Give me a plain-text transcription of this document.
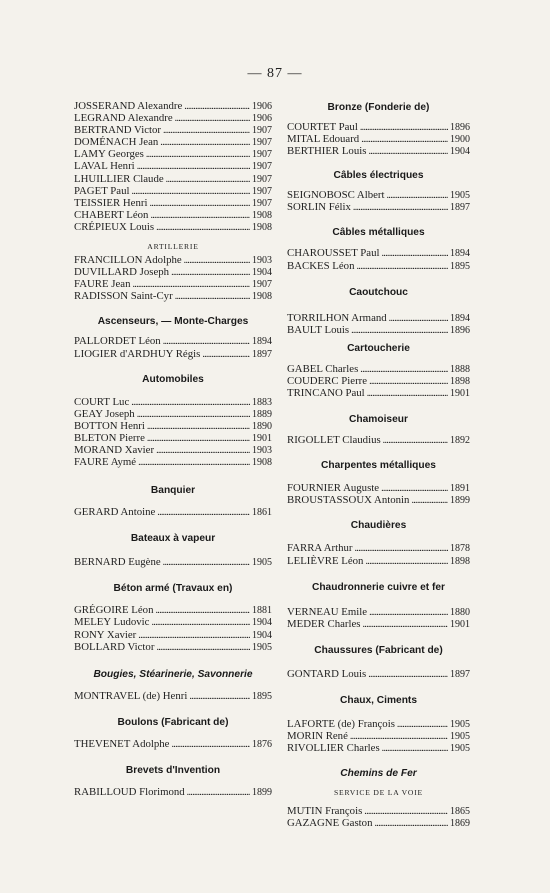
— 87 —
JOSSERAND Alexandre . . .	1906
LEGRAND Alexandre . . .	1906
BERTRAND Victor . . .	1907
DOMÉNACH Jean . . .	1907
LAMY Georges . . .	1907
LAVAL Henri . . .	1907
LHUILLIER Claude . . .	1907
PAGET Paul . . .	1907
TEISSIER Henri . . .	1907
CHABERT Léon . . .	1908
CRÉPIEUX Louis . . .	1908
ARTILLERIE
FRANCILLON Adolphe . . .	1903
DUVILLARD Joseph . . .	1904
FAURE Jean . . .	1907
RADISSON Saint-Cyr . . .	1908
Ascenseurs, — Monte-Charges
PALLORDET Léon . . .	1894
LIOGIER d'ARDHUY Régis . . .	1897
Automobiles
COURT Luc . . .	1883
GEAY Joseph . . .	1889
BOTTON Henri . . .	1890
BLETON Pierre . . .	1901
MORAND Xavier . . .	1903
FAURE Aymé . . .	1908
Banquier
GERARD Antoine . . .	1861
Bateaux à vapeur
BERNARD Eugène . . .	1905
Béton armé (Travaux en)
GRÉGOIRE Léon . . .	1881
MELEY Ludovic . . .	1904
RONY Xavier . . .	1904
BOLLARD Victor . . .	1905
Bougies, Stéarinerie, Savonnerie
MONTRAVEL (de) Henri . . .	1895
Boulons (Fabricant de)
THEVENET Adolphe . . .	1876
Brevets d'Invention
RABILLOUD Florimond . . .	1899
Bronze (Fonderie de)
COURTET Paul . . .	1896
MITAL Edouard . . .	1900
BERTHIER Louis . . .	1904
Câbles électriques
SEIGNOBOSC Albert . . .	1905
SORLIN Félix . . .	1897
Câbles métalliques
CHAROUSSET Paul . . .	1894
BACKES Léon . . .	1895
Caoutchouc
TORRILHON Armand . . .	1894
BAULT Louis . . .	1896
Cartoucherie
GABEL Charles . . .	1888
COUDERC Pierre . . .	1898
TRINCANO Paul . . .	1901
Chamoiseur
RIGOLLET Claudius . . .	1892
Charpentes métalliques
FOURNIER Auguste . . .	1891
BROUSTASSOUX Antonin . . .	1899
Chaudières
FARRA Arthur . . .	1878
LELIÈVRE Léon . . .	1898
Chaudronnerie cuivre et fer
VERNEAU Emile . . .	1880
MEDER Charles . . .	1901
Chaussures (Fabricant de)
GONTARD Louis . . .	1897
Chaux, Ciments
LAFORTE (de) François . . .	1905
MORIN René . . .	1905
RIVOLLIER Charles . . .	1905
Chemins de Fer
SERVICE DE LA VOIE
MUTIN François . . .	1865
GAZAGNE Gaston . . .	1869
